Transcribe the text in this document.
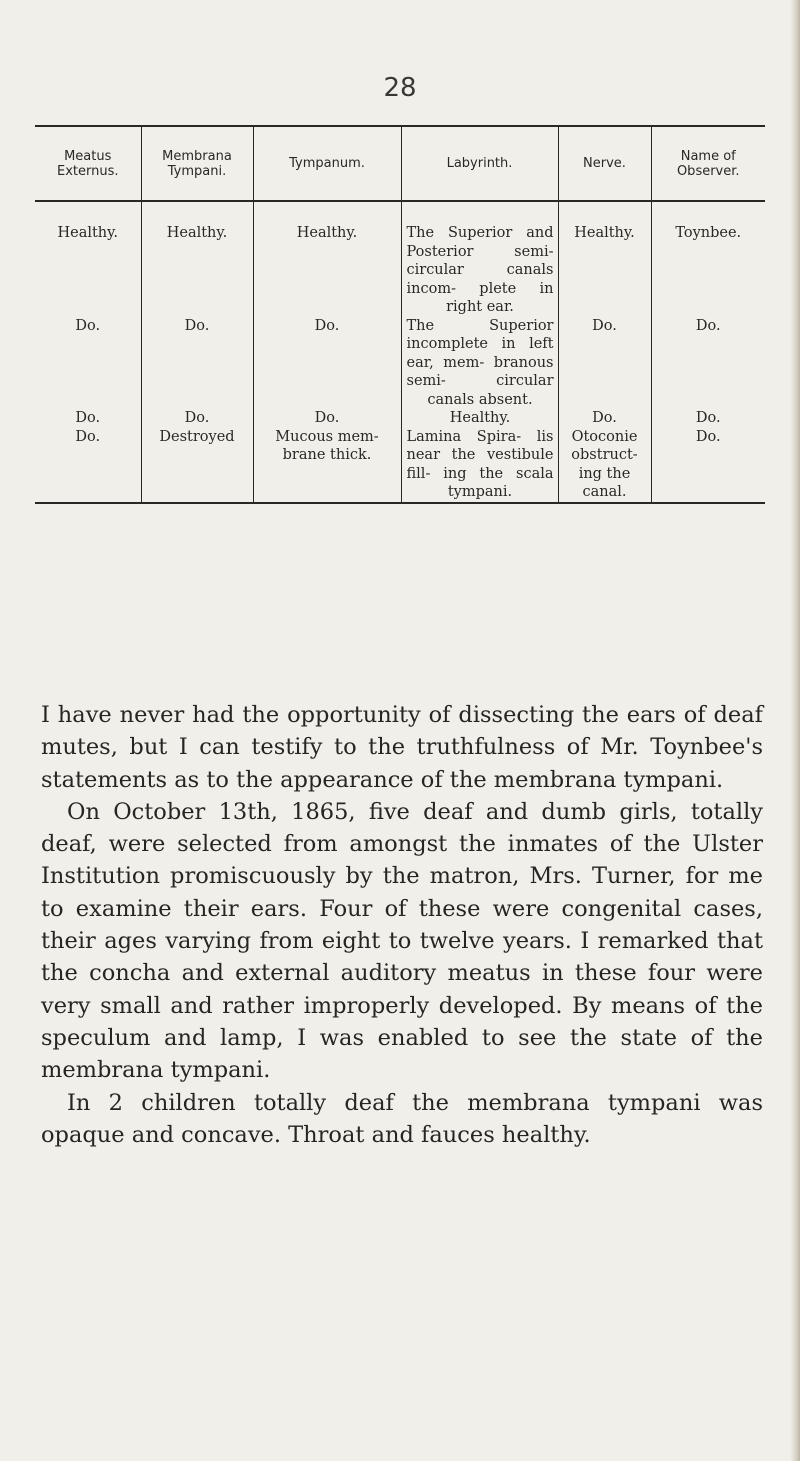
28
Meatus Externus.	Membrana Tympani.	Tympanum.	Labyrinth.	Nerve.	Name of Observer.
Healthy.	Healthy.	Healthy.	The Superior and Posterior semi-circular canals incom- plete in right ear.	Healthy.	Toynbee.
Do.	Do.	Do.	The Superior incomplete in left ear, mem- branous semi- circular canals absent.	Do.	Do.
Do.	Do.	Do.	Healthy.	Do.	Do.
Do.	Destroyed	Mucous mem- brane thick.	Lamina Spira- lis near the vestibule fill- ing the scala tympani.	Otoconie obstruct- ing the canal.	Do.

I have never had the opportunity of dissecting the ears of deaf mutes, but I can testify to the truthfulness of Mr. Toynbee's statements as to the appearance of the membrana tympani.

On October 13th, 1865, five deaf and dumb girls, totally deaf, were selected from amongst the inmates of the Ulster Institution promiscuously by the matron, Mrs. Turner, for me to examine their ears. Four of these were congenital cases, their ages varying from eight to twelve years. I remarked that the concha and external auditory meatus in these four were very small and rather improperly developed. By means of the speculum and lamp, I was enabled to see the state of the membrana tympani.

In 2 children totally deaf the membrana tympani was opaque and concave. Throat and fauces healthy.
